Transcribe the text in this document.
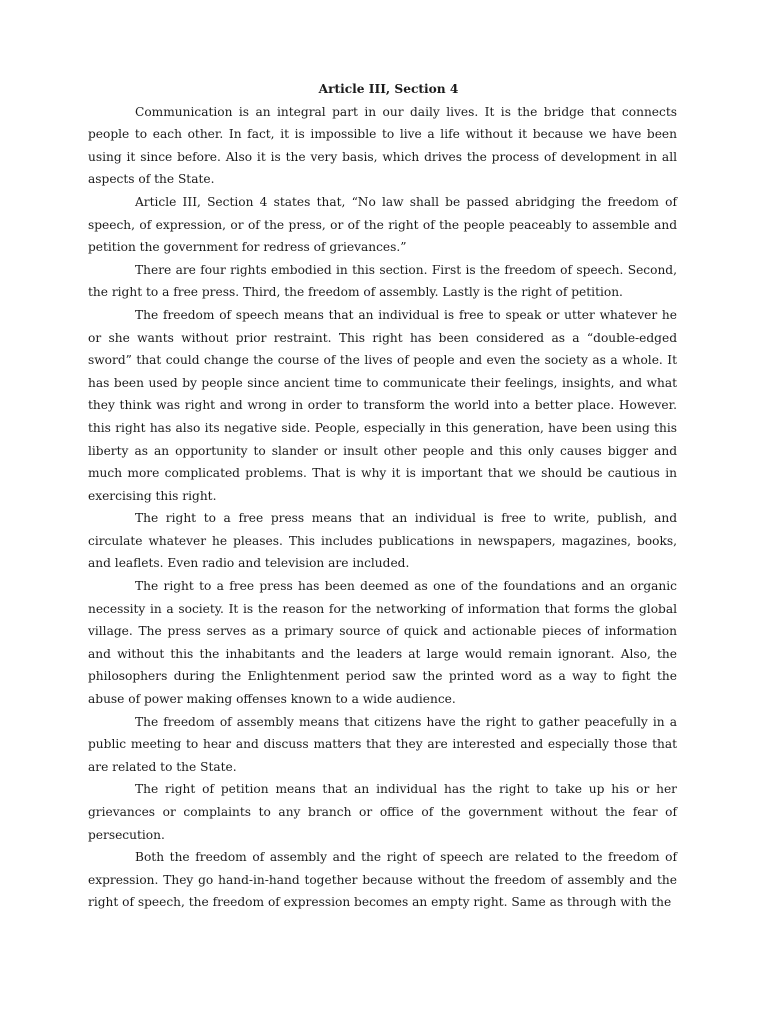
Article III, Section 4

Communication is an integral part in our daily lives. It is the bridge that connects people to each other. In fact, it is impossible to live a life without it because we have been using it since before. Also it is the very basis, which drives the process of development in all aspects of the State.

Article III, Section 4 states that, “No law shall be passed abridging the freedom of speech, of expression, or of the press, or of the right of the people peaceably to assemble and petition the government for redress of grievances.”

There are four rights embodied in this section. First is the freedom of speech. Second, the right to a free press. Third, the freedom of assembly. Lastly is the right of petition.

The freedom of speech means that an individual is free to speak or utter whatever he or she wants without prior restraint. This right has been considered as a “double-edged sword” that could change the course of the lives of people and even the society as a whole. It has been used by people since ancient time to communicate their feelings, insights, and what they think was right and wrong in order to transform the world into a better place. However. this right has also its negative side. People, especially in this generation, have been using this liberty as an opportunity to slander or insult other people and this only causes bigger and much more complicated problems. That is why it is important that we should be cautious in exercising this right.

The right to a free press means that an individual is free to write, publish, and circulate whatever he pleases. This includes publications in newspapers, magazines, books, and leaflets. Even radio and television are included.

The right to a free press has been deemed as one of the foundations and an organic necessity in a society. It is the reason for the networking of information that forms the global village. The press serves as a primary source of quick and actionable pieces of information and without this the inhabitants and the leaders at large would remain ignorant. Also, the philosophers during the Enlightenment period saw the printed word as a way to fight the abuse of power making offenses known to a wide audience.

The freedom of assembly means that citizens have the right to gather peacefully in a public meeting to hear and discuss matters that they are interested and especially those that are related to the State.

The right of petition means that an individual has the right to take up his or her grievances or complaints to any branch or office of the government without the fear of persecution.

Both the freedom of assembly and the right of speech are related to the freedom of expression. They go hand-in-hand together because without the freedom of assembly and the right of speech, the freedom of expression becomes an empty right. Same as through with the
